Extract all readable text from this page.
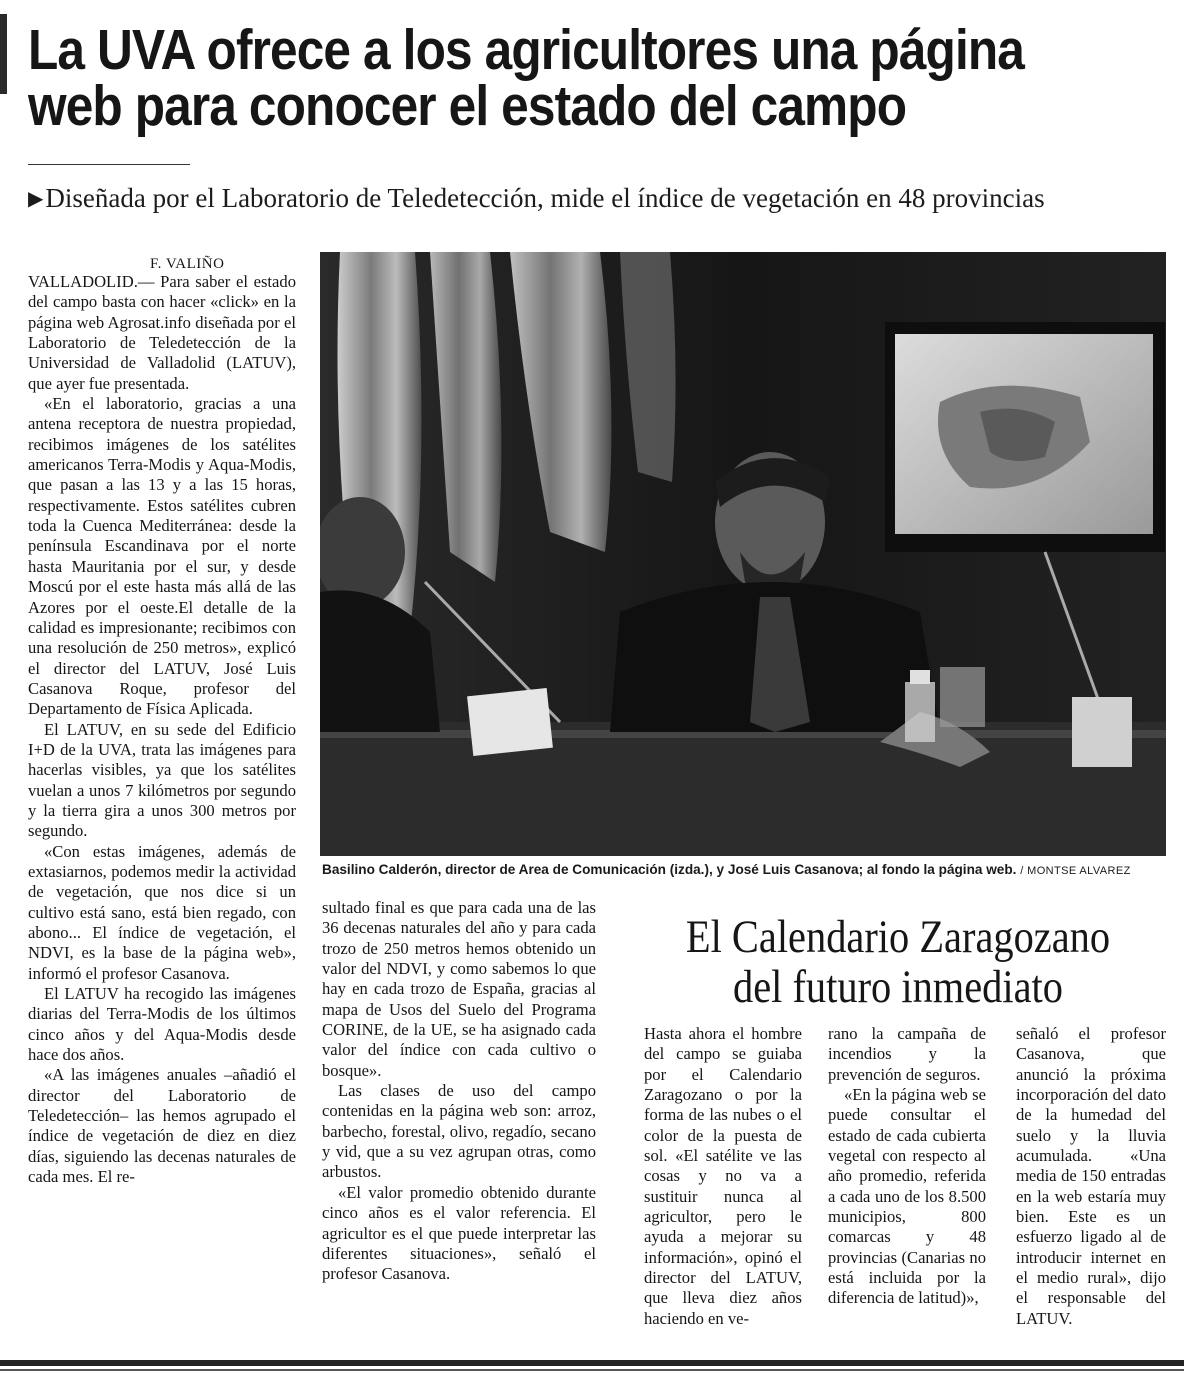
La UVA ofrece a los agricultores una página
web para conocer el estado del campo

▶Diseñada por el Laboratorio de Teledetección, mide el índice de vegetación en 48 provincias

F. VALIÑO

VALLADOLID.— Para saber el estado del campo basta con hacer «click» en la página web Agrosat.info diseñada por el Laboratorio de Teledetección de la Universidad de Valladolid (LATUV), que ayer fue presentada.

«En el laboratorio, gracias a una antena receptora de nuestra propiedad, recibimos imágenes de los satélites americanos Terra-Modis y Aqua-Modis, que pasan a las 13 y a las 15 horas, respectivamente. Estos satélites cubren toda la Cuenca Mediterránea: desde la península Escandinava por el norte hasta Mauritania por el sur, y desde Moscú por el este hasta más allá de las Azores por el oeste.El detalle de la calidad es impresionante; recibimos con una resolución de 250 metros», explicó el director del LATUV, José Luis Casanova Roque, profesor del Departamento de Física Aplicada.

El LATUV, en su sede del Edificio I+D de la UVA, trata las imágenes para hacerlas visibles, ya que los satélites vuelan a unos 7 kilómetros por segundo y la tierra gira a unos 300 metros por segundo.

«Con estas imágenes, además de extasiarnos, podemos medir la actividad de vegetación, que nos dice si un cultivo está sano, está bien regado, con abono... El índice de vegetación, el NDVI, es la base de la página web», informó el profesor Casanova.

El LATUV ha recogido las imágenes diarias del Terra-Modis de los últimos cinco años y del Aqua-Modis desde hace dos años.

«A las imágenes anuales –añadió el director del Laboratorio de Teledetección– las hemos agrupado el índice de vegetación de diez en diez días, siguiendo las decenas naturales de cada mes. El re-

Basilino Calderón, director de Area de Comunicación (izda.), y José Luis Casanova; al fondo la página web. / MONTSE ALVAREZ

sultado final es que para cada una de las 36 decenas naturales del año y para cada trozo de 250 metros hemos obtenido un valor del NDVI, y como sabemos lo que hay en cada trozo de España, gracias al mapa de Usos del Suelo del Programa CORINE, de la UE, se ha asignado cada valor del índice con cada cultivo o bosque».

Las clases de uso del campo contenidas en la página web son: arroz, barbecho, forestal, olivo, regadío, secano y vid, que a su vez agrupan otras, como arbustos.

«El valor promedio obtenido durante cinco años es el valor referencia. El agricultor es el que puede interpretar las diferentes situaciones», señaló el profesor Casanova.

El Calendario Zaragozano
del futuro inmediato

Hasta ahora el hombre del campo se guiaba por el Calendario Zaragozano o por la forma de las nubes o el color de la puesta de sol. «El satélite ve las cosas y no va a sustituir nunca al agricultor, pero le ayuda a mejorar su información», opinó el director del LATUV, que lleva diez años haciendo en ve-

rano la campaña de incendios y la prevención de seguros.

«En la página web se puede consultar el estado de cada cubierta vegetal con respecto al año promedio, referida a cada uno de los 8.500 municipios, 800 comarcas y 48 provincias (Canarias no está incluida por la diferencia de latitud)»,

señaló el profesor Casanova, que anunció la próxima incorporación del dato de la humedad del suelo y la lluvia acumulada. «Una media de 150 entradas en la web estaría muy bien. Este es un esfuerzo ligado al de introducir internet en el medio rural», dijo el responsable del LATUV.
